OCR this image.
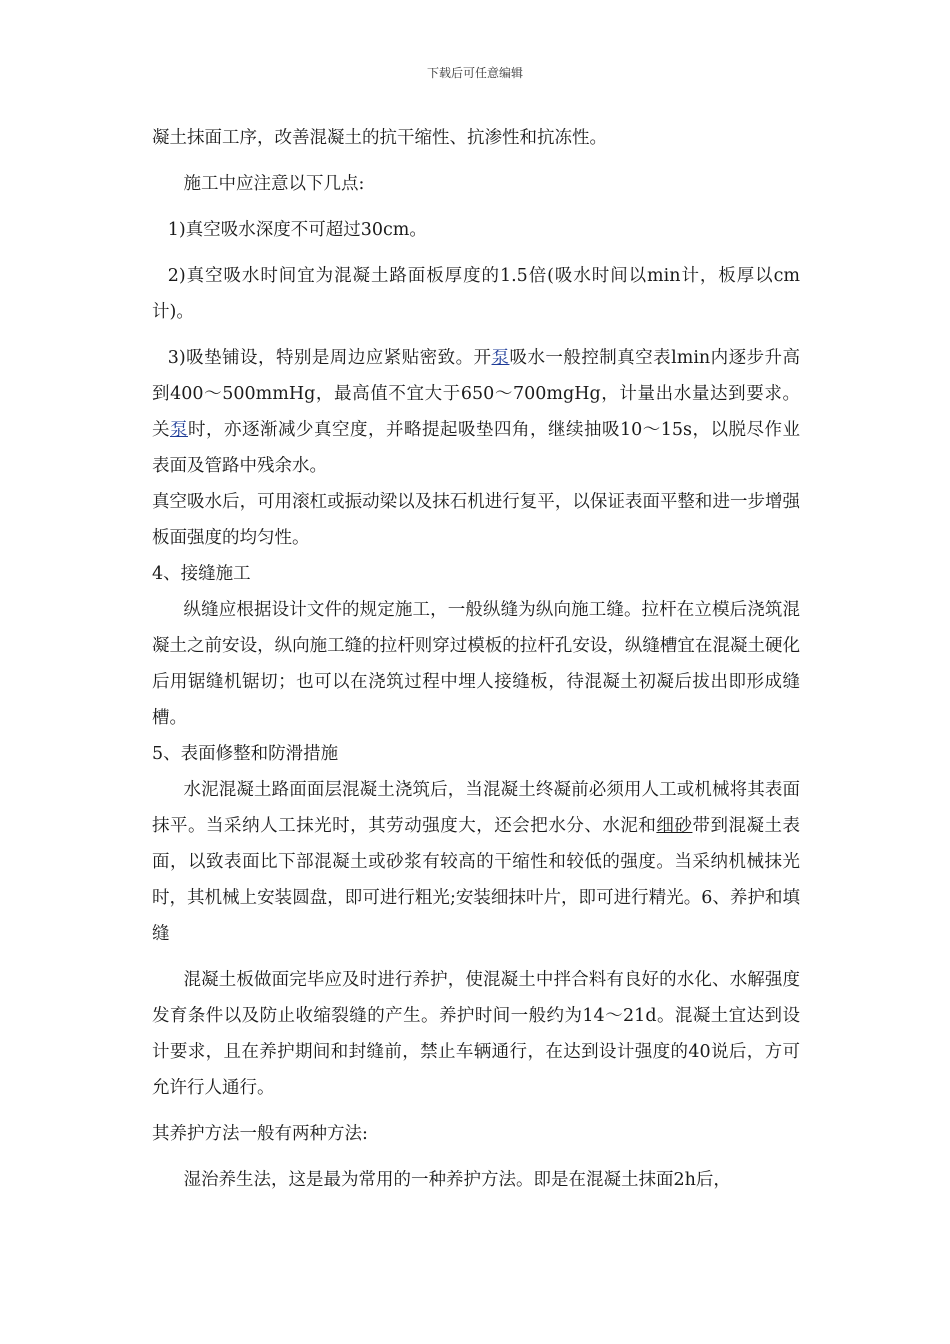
下载后可任意编辑

凝土抹面工序，改善混凝土的抗干缩性、抗渗性和抗冻性。

施工中应注意以下几点:

1)真空吸水深度不可超过30cm。

2)真空吸水时间宜为混凝土路面板厚度的1.5倍(吸水时间以min计，板厚以cm计)。

3)吸垫铺设，特别是周边应紧贴密致。开泵吸水一般控制真空表lmin内逐步升高到400～500mmHg，最高值不宜大于650～700mgHg，计量出水量达到要求。关泵时，亦逐渐减少真空度，并略提起吸垫四角，继续抽吸10～15s，以脱尽作业表面及管路中残余水。

真空吸水后，可用滚杠或振动梁以及抹石机进行复平，以保证表面平整和进一步增强板面强度的均匀性。

4、接缝施工

纵缝应根据设计文件的规定施工，一般纵缝为纵向施工缝。拉杆在立模后浇筑混凝土之前安设，纵向施工缝的拉杆则穿过模板的拉杆孔安设，纵缝槽宜在混凝土硬化后用锯缝机锯切；也可以在浇筑过程中埋人接缝板，待混凝土初凝后拔出即形成缝槽。

5、表面修整和防滑措施

水泥混凝土路面面层混凝土浇筑后，当混凝土终凝前必须用人工或机械将其表面抹平。当采纳人工抹光时，其劳动强度大，还会把水分、水泥和细砂带到混凝土表面，以致表面比下部混凝土或砂浆有较高的干缩性和较低的强度。当采纳机械抹光时，其机械上安装圆盘，即可进行粗光;安装细抹叶片，即可进行精光。6、养护和填缝

混凝土板做面完毕应及时进行养护，使混凝土中拌合料有良好的水化、水解强度发育条件以及防止收缩裂缝的产生。养护时间一般约为14～21d。混凝土宜达到设计要求，且在养护期间和封缝前，禁止车辆通行，在达到设计强度的40说后，方可允许行人通行。

其养护方法一般有两种方法:

湿治养生法，这是最为常用的一种养护方法。即是在混凝土抹面2h后，
